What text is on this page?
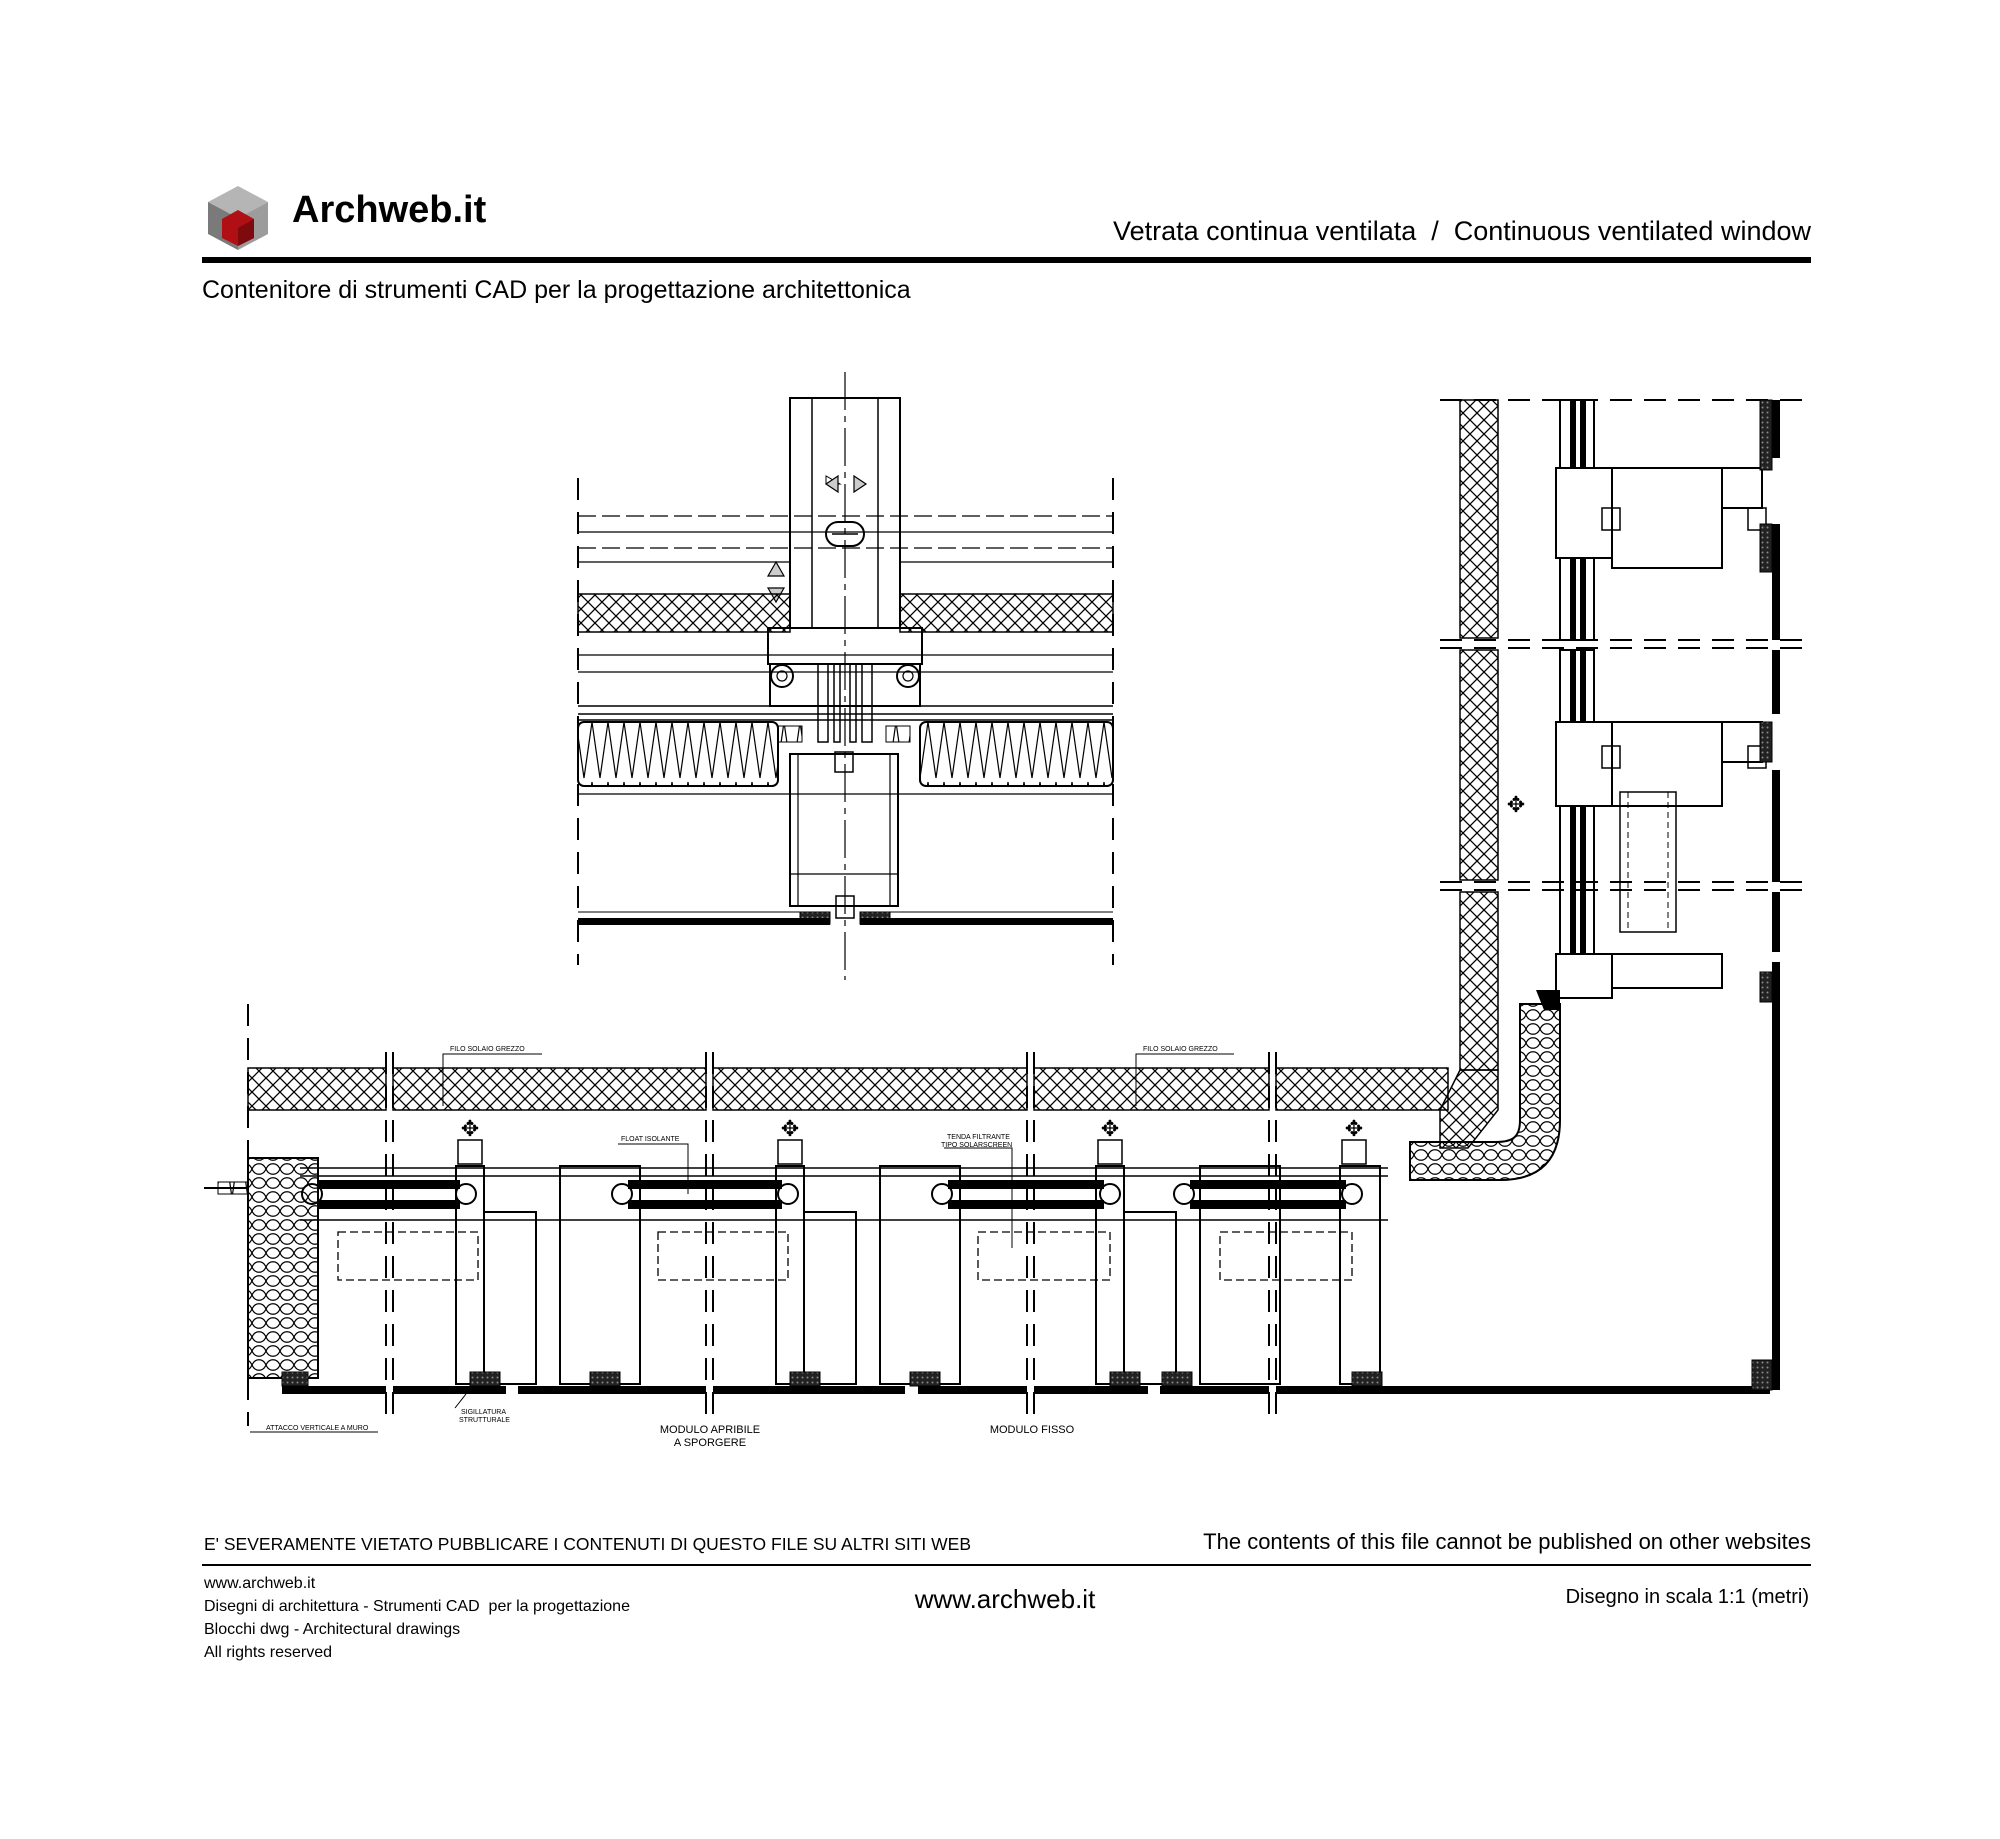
Archweb.it	Vetrata continua ventilata  /  Continuous ventilated window
Contenitore di strumenti CAD per la progettazione architettonica
✥
✥	✥	✥	✥
FILO SOLAIO GREZZO	FILO SOLAIO GREZZO
FLOAT ISOLANTE	TENDA FILTRANTE
TIPO SOLARSCREEN
ATTACCO VERTICALE A MURO
SIGILLATURA
STRUTTURALE
MODULO APRIBILE
A SPORGERE
MODULO FISSO
E' SEVERAMENTE VIETATO PUBBLICARE I CONTENUTI DI QUESTO FILE SU ALTRI SITI WEB	The contents of this file cannot be published on other websites
www.archweb.it
Disegni di architettura - Strumenti CAD  per la progettazione
Blocchi dwg - Architectural drawings
All rights reserved
www.archweb.it	Disegno in scala 1:1 (metri)
